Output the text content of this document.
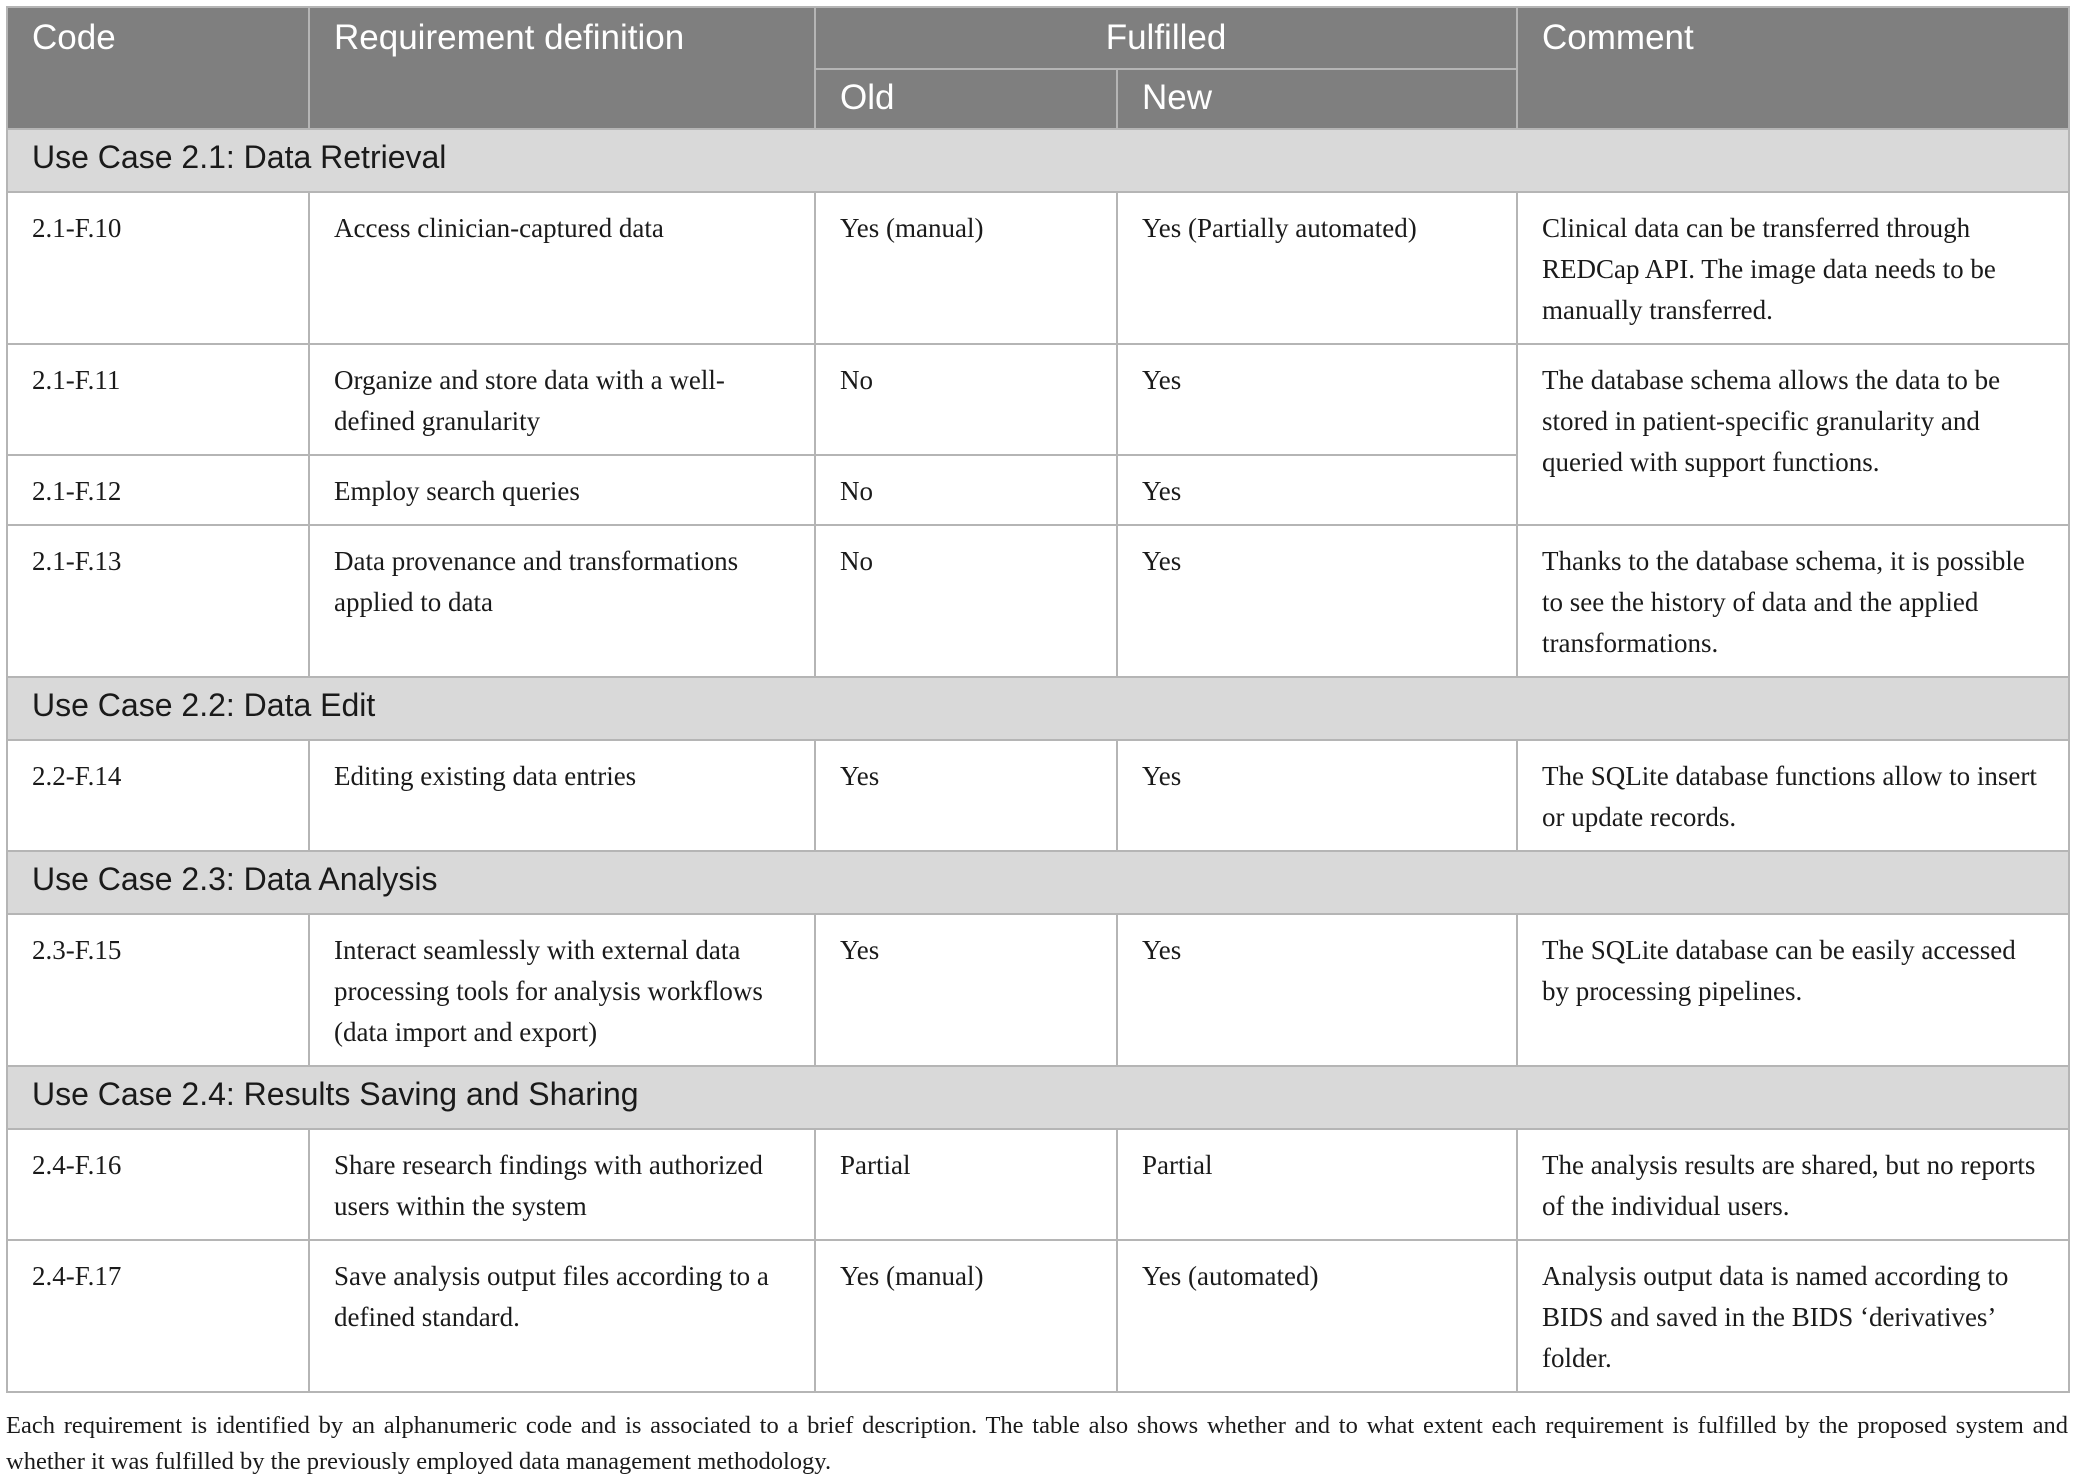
Code	Requirement definition	Fulfilled		Comment
		Old	New	
Use Case 2.1: Data Retrieval				
2.1-F.10	Access clinician-captured data	Yes (manual)	Yes (Partially automated)	Clinical data can be transferred through REDCap API. The image data needs to be manually transferred.
2.1-F.11	Organize and store data with a well-defined granularity	No	Yes	The database schema allows the data to be stored in patient-specific granularity and queried with support functions.
2.1-F.12	Employ search queries	No	Yes	
2.1-F.13	Data provenance and transformations applied to data	No	Yes	Thanks to the database schema, it is possible to see the history of data and the applied transformations.
Use Case 2.2: Data Edit				
2.2-F.14	Editing existing data entries	Yes	Yes	The SQLite database functions allow to insert or update records.
Use Case 2.3: Data Analysis				
2.3-F.15	Interact seamlessly with external data processing tools for analysis workflows (data import and export)	Yes	Yes	The SQLite database can be easily accessed by processing pipelines.
Use Case 2.4: Results Saving and Sharing				
2.4-F.16	Share research findings with authorized users within the system	Partial	Partial	The analysis results are shared, but no reports of the individual users.
2.4-F.17	Save analysis output files according to a defined standard.	Yes (manual)	Yes (automated)	Analysis output data is named according to BIDS and saved in the BIDS ‘derivatives’ folder.

Each requirement is identified by an alphanumeric code and is associated to a brief description. The table also shows whether and to what extent each requirement is fulfilled by the proposed system and whether it was fulfilled by the previously employed data management methodology.
